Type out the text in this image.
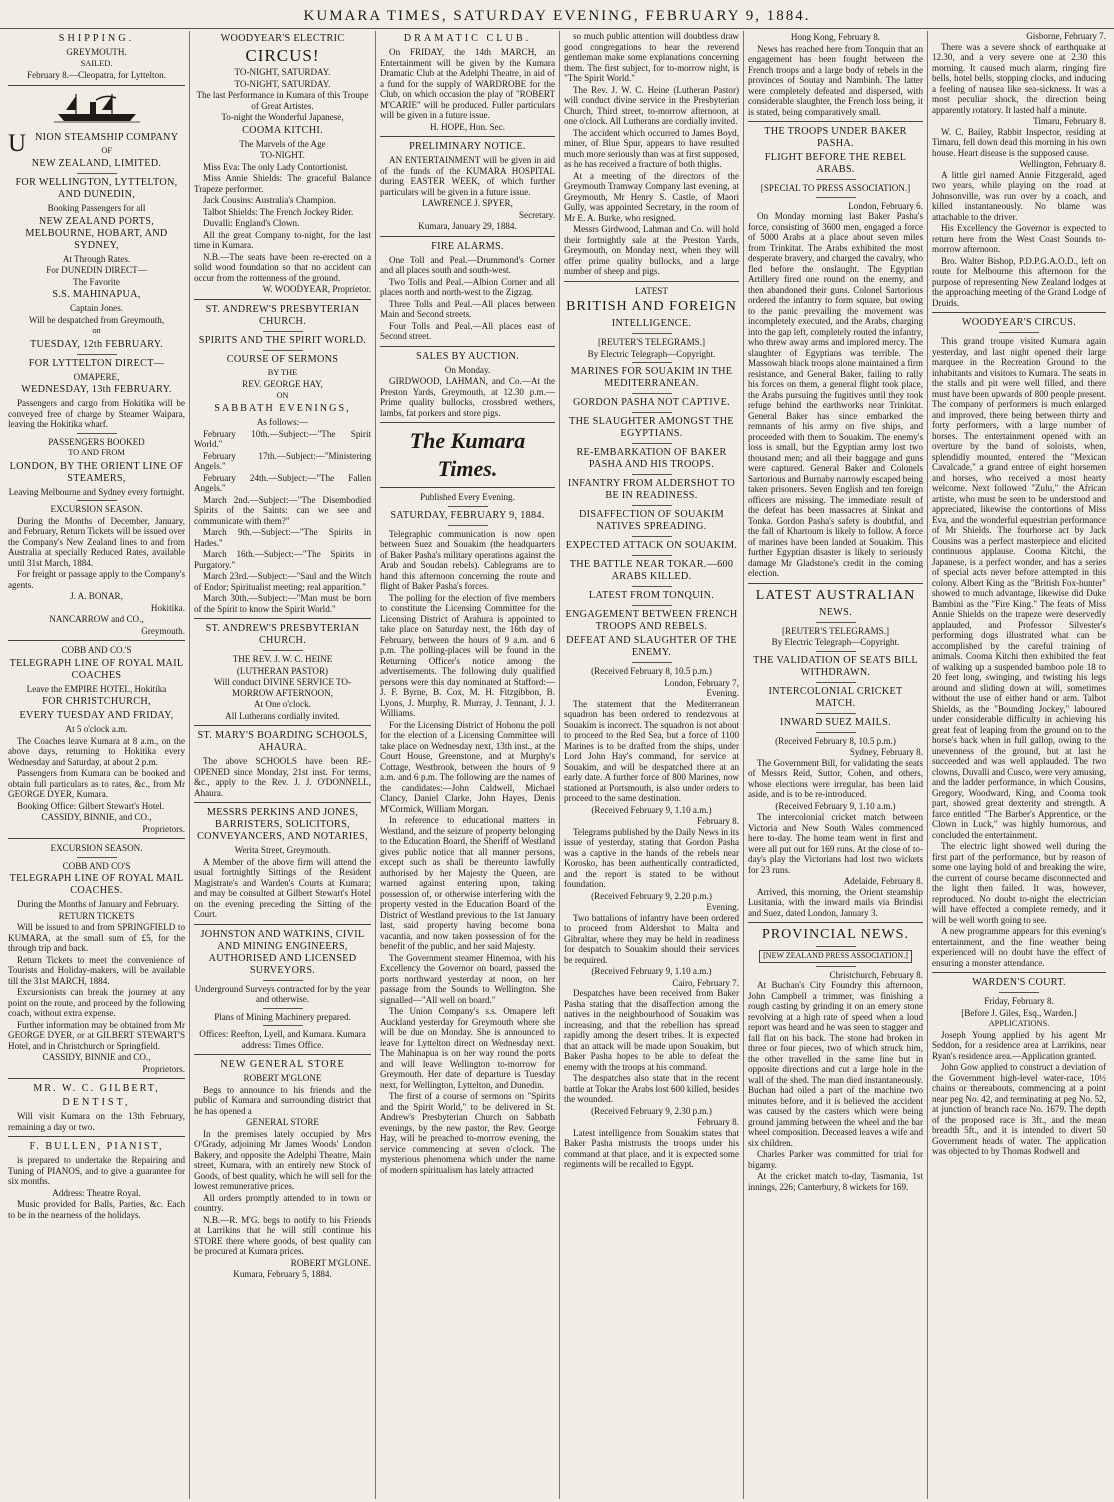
KUMARA TIMES, SATURDAY EVENING, FEBRUARY 9, 1884.
SHIPPING.
GREYMOUTH.
SAILED.
February 8.—Cleopatra, for Lyttelton.
UNION STEAMSHIP COMPANY
OF
NEW ZEALAND, LIMITED.
FOR WELLINGTON, LYTTELTON, AND DUNEDIN,
Booking Passengers for all
NEW ZEALAND PORTS, MELBOURNE, HOBART, AND SYDNEY,
At Through Rates.
For DUNEDIN DIRECT—
The Favorite
S.S. MAHINAPUA,
Captain Jones.
Will be despatched from Greymouth,
on
TUESDAY, 12th FEBRUARY.
FOR LYTTELTON DIRECT—
OMAPERE,
WEDNESDAY, 13th FEBRUARY.

Passengers and cargo from Hokitika will be conveyed free of charge by Steamer Waipara, leaving the Hokitika wharf.

PASSENGERS BOOKED
TO AND FROM
LONDON, BY THE ORIENT LINE OF STEAMERS,
Leaving Melbourne and Sydney every fortnight.
EXCURSION SEASON.

During the Months of December, January, and February, Return Tickets will be issued over the Company's New Zealand lines to and from Australia at specially Reduced Rates, available until 31st March, 1884.

For freight or passage apply to the Company's agents.

J. A. BONAR,
Hokitika.
NANCARROW and CO.,
Greymouth.
COBB AND CO.'S
TELEGRAPH LINE OF ROYAL MAIL COACHES
Leave the EMPIRE HOTEL, Hokitika
FOR CHRISTCHURCH,
EVERY TUESDAY AND FRIDAY,
At 5 o'clock a.m.

The Coaches leave Kumara at 8 a.m., on the above days, returning to Hokitika every Wednesday and Saturday, at about 2 p.m.

Passengers from Kumara can be booked and obtain full particulars as to rates, &c., from Mr GEORGE DYER, Kumara.

Booking Office: Gilbert Stewart's Hotel.

CASSIDY, BINNIE, and CO.,
Proprietors.
EXCURSION SEASON.
COBB AND CO'S
TELEGRAPH LINE OF ROYAL MAIL COACHES.

During the Months of January and February.

RETURN TICKETS

Will be issued to and from SPRINGFIELD to KUMARA, at the small sum of £5, for the through trip and back.

Return Tickets to meet the convenience of Tourists and Holiday-makers, will be available till the 31st MARCH, 1884.

Excursionists can break the journey at any point on the route, and proceed by the following coach, without extra expense.

Further information may be obtained from Mr GEORGE DYER, or at GILBERT STEWART'S Hotel, and in Christchurch or Springfield.

CASSIDY, BINNIE and CO.,
Proprietors.
MR. W. C. GILBERT,
DENTIST,

Will visit Kumara on the 13th February, remaining a day or two.

F. BULLEN, PIANIST,

is prepared to undertake the Repairing and Tuning of PIANOS, and to give a guarantee for six months.

Address: Theatre Royal.

Music provided for Balls, Parties, &c. Each to be in the nearness of the holidays.

WOODYEAR'S ELECTRIC
CIRCUS!
TO-NIGHT, SATURDAY.
TO-NIGHT, SATURDAY.
The last Performance in Kumara of this Troupe of Great Artistes.
To-night the Wonderful Japanese,
COOMA KITCHI.
The Marvels of the Age
TO-NIGHT.

Miss Eva: The only Lady Contortionist.

Miss Annie Shields: The graceful Balance Trapeze performer.

Jack Cousins: Australia's Champion.

Talbot Shields: The French Jockey Rider.

Duvalli: England's Clown.

All the great Company to-night, for the last time in Kumara.

N.B.—The seats have been re-erected on a solid wood foundation so that no accident can occur from the rottenness of the ground.

W. WOODYEAR, Proprietor.
ST. ANDREW'S PRESBYTERIAN CHURCH.
SPIRITS AND THE SPIRIT WORLD.
COURSE OF SERMONS
BY THE
REV. GEORGE HAY,
ON
SABBATH EVENINGS,
As follows:—

February 10th.—Subject:—"The Spirit World."

February 17th.—Subject:—"Ministering Angels."

February 24th.—Subject:—"The Fallen Angels."

March 2nd.—Subject:—"The Disembodied Spirits of the Saints: can we see and communicate with them?"

March 9th.—Subject:—"The Spirits in Hades."

March 16th.—Subject:—"The Spirits in Purgatory."

March 23rd.—Subject:—"Saul and the Witch of Endor; Spiritualist meeting; real apparition."

March 30th.—Subject:—"Man must be born of the Spirit to know the Spirit World."

ST. ANDREW'S PRESBYTERIAN CHURCH.
THE REV. J. W. C. HEINE
(LUTHERAN PASTOR)
Will conduct DIVINE SERVICE TO-MORROW AFTERNOON,
At One o'clock.
All Lutherans cordially invited.
ST. MARY'S BOARDING SCHOOLS, AHAURA.

The above SCHOOLS have been RE-OPENED since Monday, 21st inst. For terms, &c., apply to the Rev. J. J. O'DONNELL, Ahaura.

MESSRS PERKINS AND JONES, BARRISTERS, SOLICITORS, CONVEYANCERS, AND NOTARIES,
Werita Street, Greymouth.

A Member of the above firm will attend the usual fortnightly Sittings of the Resident Magistrate's and Warden's Courts at Kumara; and may be consulted at Gilbert Stewart's Hotel on the evening preceding the Sitting of the Court.

JOHNSTON AND WATKINS, CIVIL AND MINING ENGINEERS, AUTHORISED AND LICENSED SURVEYORS.
Underground Surveys contracted for by the year and otherwise.
Plans of Mining Machinery prepared.
Offices: Reefton, Lyell, and Kumara. Kumara address: Times Office.
NEW GENERAL STORE
ROBERT M'GLONE

Begs to announce to his friends and the public of Kumara and surrounding district that he has opened a

GENERAL STORE

In the premises lately occupied by Mrs O'Grady, adjoining Mr James Woods' London Bakery, and opposite the Adelphi Theatre, Main street, Kumara, with an entirely new Stock of Goods, of best quality, which he will sell for the lowest remunerative prices.

All orders promptly attended to in town or country.

N.B.—R. M'G. begs to notify to his Friends at Larrikins that he will still continue his STORE there where goods, of best quality can be procured at Kumara prices.

ROBERT M'GLONE.
Kumara, February 5, 1884.
DRAMATIC CLUB.

On FRIDAY, the 14th MARCH, an Entertainment will be given by the Kumara Dramatic Club at the Adelphi Theatre, in aid of a fund for the supply of WARDROBE for the Club, on which occasion the play of "ROBERT M'CARIE" will be produced. Fuller particulars will be given in a future issue.

H. HOPE, Hon. Sec.
PRELIMINARY NOTICE.

AN ENTERTAINMENT will be given in aid of the funds of the KUMARA HOSPITAL during EASTER WEEK, of which further particulars will be given in a future issue.

LAWRENCE J. SPYER,
Secretary.
Kumara, January 29, 1884.
FIRE ALARMS.

One Toll and Peal.—Drummond's Corner and all places south and south-west.

Two Tolls and Peal.—Albion Corner and all places north and north-west to the Zigzag.

Three Tolls and Peal.—All places between Main and Second streets.

Four Tolls and Peal.—All places east of Second street.

SALES BY AUCTION.
On Monday.

GIRDWOOD, LAHMAN, and Co.—At the Preston Yards, Greymouth, at 12.30 p.m.—Prime quality bullocks, crossbred wethers, lambs, fat porkers and store pigs.

The Kumara Times.
Published Every Evening.
SATURDAY, FEBRUARY 9, 1884.

Telegraphic communication is now open between Suez and Souakim (the headquarters of Baker Pasha's military operations against the Arab and Soudan rebels). Cablegrams are to hand this afternoon concerning the route and flight of Baker Pasha's forces.

The polling for the election of five members to constitute the Licensing Committee for the Licensing District of Arahura is appointed to take place on Saturday next, the 16th day of February, between the hours of 9 a.m. and 6 p.m. The polling-places will be found in the Returning Officer's notice among the advertisements. The following duly qualified persons were this day nominated at Stafford:—J. F. Byrne, B. Cox, M. H. Fitzgibbon, B. Lyons, J. Murphy, R. Murray, J. Tennant, J. J. Williams.

For the Licensing District of Hohonu the poll for the election of a Licensing Committee will take place on Wednesday next, 13th inst., at the Court House, Greenstone, and at Murphy's Cottage, Westbrook, between the hours of 9 a.m. and 6 p.m. The following are the names of the candidates:—John Caldwell, Michael Clancy, Daniel Clarke, John Hayes, Denis M'Cormick, William Morgan.

In reference to educational matters in Westland, and the seizure of property belonging to the Education Board, the Sheriff of Westland gives public notice that all manner persons, except such as shall be thereunto lawfully authorised by her Majesty the Queen, are warned against entering upon, taking possession of, or otherwise interfering with the property vested in the Education Board of the District of Westland previous to the 1st January last, said property having become bona vacantia, and now taken possession of for the benefit of the public, and her said Majesty.

The Government steamer Hinemoa, with his Excellency the Governor on board, passed the ports northward yesterday at noon, on her passage from the Sounds to Wellington. She signalled—"All well on board."

The Union Company's s.s. Omapere left Auckland yesterday for Greymouth where she will be due on Monday. She is announced to leave for Lyttelton direct on Wednesday next. The Mahinapua is on her way round the ports and will leave Wellington to-morrow for Greymouth. Her date of departure is Tuesday next, for Wellington, Lyttelton, and Dunedin.

The first of a course of sermons on "Spirits and the Spirit World," to be delivered in St. Andrew's Presbyterian Church on Sabbath evenings, by the new pastor, the Rev. George Hay, will be preached to-morrow evening, the service commencing at seven o'clock. The mysterious phenomena which under the name of modern spiritualism has lately attracted

so much public attention will doubtless draw good congregations to hear the reverend gentleman make some explanations concerning them. The first subject, for to-morrow night, is "The Spirit World."

The Rev. J. W. C. Heine (Lutheran Pastor) will conduct divine service in the Presbyterian Church, Third street, to-morrow afternoon, at one o'clock. All Lutherans are cordially invited.

The accident which occurred to James Boyd, miner, of Blue Spur, appears to have resulted much more seriously than was at first supposed, as he has received a fracture of both thighs.

At a meeting of the directors of the Greymouth Tramway Company last evening, at Greymouth, Mr Henry S. Castle, of Maori Gully, was appointed Secretary, in the room of Mr E. A. Burke, who resigned.

Messrs Girdwood, Lahman and Co. will hold their fortnightly sale at the Preston Yards, Greymouth, on Monday next, when they will offer prime quality bullocks, and a large number of sheep and pigs.

LATEST
BRITISH AND FOREIGN
INTELLIGENCE.
[REUTER'S TELEGRAMS.]
By Electric Telegraph—Copyright.
MARINES FOR SOUAKIM IN THE MEDITERRANEAN.
GORDON PASHA NOT CAPTIVE.
THE SLAUGHTER AMONGST THE EGYPTIANS.
RE-EMBARKATION OF BAKER PASHA AND HIS TROOPS.
INFANTRY FROM ALDERSHOT TO BE IN READINESS.
DISAFFECTION OF SOUAKIM NATIVES SPREADING.
EXPECTED ATTACK ON SOUAKIM.
THE BATTLE NEAR TOKAR.—600 ARABS KILLED.
LATEST FROM TONQUIN.
ENGAGEMENT BETWEEN FRENCH TROOPS AND REBELS.
DEFEAT AND SLAUGHTER OF THE ENEMY.
(Received February 8, 10.5 p.m.)
London, February 7,
Evening.

The statement that the Mediterranean squadron has been ordered to rendezvous at Souakim is incorrect. The squadron is not about to proceed to the Red Sea, but a force of 1100 Marines is to be drafted from the ships, under Lord John Hay's command, for service at Souakim, and will be despatched there at an early date. A further force of 800 Marines, now stationed at Portsmouth, is also under orders to proceed to the same destination.

(Received February 9, 1.10 a.m.)
February 8.

Telegrams published by the Daily News in its issue of yesterday, stating that Gordon Pasha was a captive in the hands of the rebels near Korosko, has been authentically contradicted, and the report is stated to be without foundation.

(Received February 9, 2.20 p.m.)
Evening.

Two battalions of infantry have been ordered to proceed from Aldershot to Malta and Gibraltar, where they may be held in readiness for despatch to Souakim should their services be required.

(Received February 9, 1.10 a.m.)
Cairo, February 7.

Despatches have been received from Baker Pasha stating that the disaffection among the natives in the neighbourhood of Souakim was increasing, and that the rebellion has spread rapidly among the desert tribes. It is expected that an attack will be made upon Souakim, but Baker Pasha hopes to be able to defeat the enemy with the troops at his command.

The despatches also state that in the recent battle at Tokar the Arabs lost 600 killed, besides the wounded.

(Received February 9, 2.30 p.m.)
February 8.

Latest intelligence from Souakim states that Baker Pasha mistrusts the troops under his command at that place, and it is expected some regiments will be recalled to Egypt.

Hong Kong, February 8.

News has reached here from Tonquin that an engagement has been fought between the French troops and a large body of rebels in the provinces of Soutay and Nambinh. The latter were completely defeated and dispersed, with considerable slaughter, the French loss being, it is stated, being comparatively small.

THE TROOPS UNDER BAKER PASHA.
FLIGHT BEFORE THE REBEL ARABS.
[SPECIAL TO PRESS ASSOCIATION.]
London, February 6.

On Monday morning last Baker Pasha's force, consisting of 3600 men, engaged a force of 5000 Arabs at a place about seven miles from Trinkitat. The Arabs exhibited the most desperate bravery, and charged the cavalry, who fled before the onslaught. The Egyptian Artillery fired one round on the enemy, and then abandoned their guns. Colonel Sartorious ordered the infantry to form square, but owing to the panic prevailing the movement was incompletely executed, and the Arabs, charging into the gap left, completely routed the infantry, who threw away arms and implored mercy. The slaughter of Egyptians was terrible. The Massowah black troops alone maintained a firm resistance, and General Baker, failing to rally his forces on them, a general flight took place, the Arabs pursuing the fugitives until they took refuge behind the earthworks near Trinkitat. General Baker has since embarked the remnants of his army on five ships, and proceeded with them to Souakim. The enemy's loss is small, but the Egyptian army lost two thousand men; and all their baggage and guns were captured. General Baker and Colonels Sartorious and Burnaby narrowly escaped being taken prisoners. Seven English and ten foreign officers are missing. The immediate result of the defeat has been massacres at Sinkat and Tonka. Gordon Pasha's safety is doubtful, and the fall of Khartoum is likely to follow. A force of marines have been landed at Souakim. This further Egyptian disaster is likely to seriously damage Mr Gladstone's credit in the coming election.

LATEST AUSTRALIAN
NEWS.
[REUTER'S TELEGRAMS.]
By Electric Telegraph—Copyright.
THE VALIDATION OF SEATS BILL WITHDRAWN.
INTERCOLONIAL CRICKET MATCH.
INWARD SUEZ MAILS.
(Received February 8, 10.5 p.m.)
Sydney, February 8.

The Government Bill, for validating the seats of Messrs Reid, Suttor, Cohen, and others, whose elections were irregular, has been laid aside, and is to be re-introduced.

(Received February 9, 1.10 a.m.)

The intercolonial cricket match between Victoria and New South Wales commenced here to-day. The home team went in first and were all put out for 169 runs. At the close of to-day's play the Victorians had lost two wickets for 23 runs.

Adelaide, February 8.

Arrived, this morning, the Orient steamship Lusitania, with the inward mails via Brindisi and Suez, dated London, January 3.

PROVINCIAL NEWS.
[NEW ZEALAND PRESS ASSOCIATION.]
Christchurch, February 8.

At Buchan's City Foundry this afternoon, John Campbell a trimmer, was finishing a rough casting by grinding it on an emery stone revolving at a high rate of speed when a loud report was heard and he was seen to stagger and fall flat on his back. The stone had broken in three or four pieces, two of which struck him, the other travelled in the same line but in opposite directions and cut a large hole in the wall of the shed. The man died instantaneously. Buchan had oiled a part of the machine two minutes before, and it is believed the accident was caused by the casters which were being ground jamming between the wheel and the bar wheel composition. Deceased leaves a wife and six children.

Charles Parker was committed for trial for bigamy.

At the cricket match to-day, Tasmania, 1st innings, 226; Canterbury, 8 wickets for 169.

Gisborne, February 7.

There was a severe shock of earthquake at 12.30, and a very severe one at 2.30 this morning. It caused much alarm, ringing fire bells, hotel bells, stopping clocks, and inducing a feeling of nausea like sea-sickness. It was a most peculiar shock, the direction being apparently rotatory. It lasted half a minute.

Timaru, February 8.

W. C. Bailey, Rabbit Inspector, residing at Timaru, fell down dead this morning in his own house. Heart disease is the supposed cause.

Wellington, February 8.

A little girl named Annie Fitzgerald, aged two years, while playing on the road at Johnsonville, was run over by a coach, and killed instantaneously. No blame was attachable to the driver.

His Excellency the Governor is expected to return here from the West Coast Sounds to-morrow afternoon.

Bro. Walter Bishop, P.D.P.G.A.O.D., left on route for Melbourne this afternoon for the purpose of representing New Zealand lodges at the approaching meeting of the Grand Lodge of Druids.

WOODYEAR'S CIRCUS.

This grand troupe visited Kumara again yesterday, and last night opened their large marquee in the Recreation Ground to the inhabitants and visitors to Kumara. The seats in the stalls and pit were well filled, and there must have been upwards of 800 people present. The company of performers is much enlarged and improved, there being between thirty and forty performers, with a large number of horses. The entertainment opened with an overture by the band of soloists, when, splendidly mounted, entered the "Mexican Cavalcade," a grand entree of eight horsemen and horses, who received a most hearty welcome. Next followed "Zulu," the African artiste, who must be seen to be understood and appreciated, likewise the contortions of Miss Eva, and the wonderful equestrian performance of Mr Shields. The fourhorse act by Jack Cousins was a perfect masterpiece and elicited continuous applause. Cooma Kitchi, the Japanese, is a perfect wonder, and has a series of special acts never before attempted in this colony. Albert King as the "British Fox-hunter" showed to much advantage, likewise did Duke Bambini as the "Fire King." The feats of Miss Annie Shields on the trapeze were deservedly applauded, and Professor Silvester's performing dogs illustrated what can be accomplished by the careful training of animals. Cooma Kitchi then exhibited the feat of walking up a suspended bamboo pole 18 to 20 feet long, swinging, and twisting his legs around and sliding down at will, sometimes without the use of either hand or arm. Talbot Shields, as the "Bounding Jockey," laboured under considerable difficulty in achieving his great feat of leaping from the ground on to the horse's back when in full gallop, owing to the unevenness of the ground, but at last he succeeded and was well applauded. The two clowns, Duvalli and Cusco, were very amusing, and the ladder performance, in which Cousins, Gregory, Woodward, King, and Cooma took part, showed great dexterity and strength. A farce entitled "The Barber's Apprentice, or the Clown in Luck," was highly humorous, and concluded the entertainment.

The electric light showed well during the first part of the performance, but by reason of some one laying hold of and breaking the wire, the current of course became disconnected and the light then failed. It was, however, reproduced. No doubt to-night the electrician will have effected a complete remedy, and it will be well worth going to see.

A new programme appears for this evening's entertainment, and the fine weather being experienced will no doubt have the effect of ensuring a monster attendance.

WARDEN'S COURT.
Friday, February 8.
[Before J. Giles, Esq., Warden.]
APPLICATIONS.

Joseph Young applied by his agent Mr Seddon, for a residence area at Larrikins, near Ryan's residence area.—Application granted.

John Gow applied to construct a deviation of the Government high-level water-race, 10½ chains or thereabouts, commencing at a point near peg No. 42, and terminating at peg No. 52, at junction of branch race No. 1679. The depth of the proposed race is 3ft., and the mean breadth 5ft., and it is intended to divert 50 Government heads of water. The application was objected to by Thomas Rodwell and
